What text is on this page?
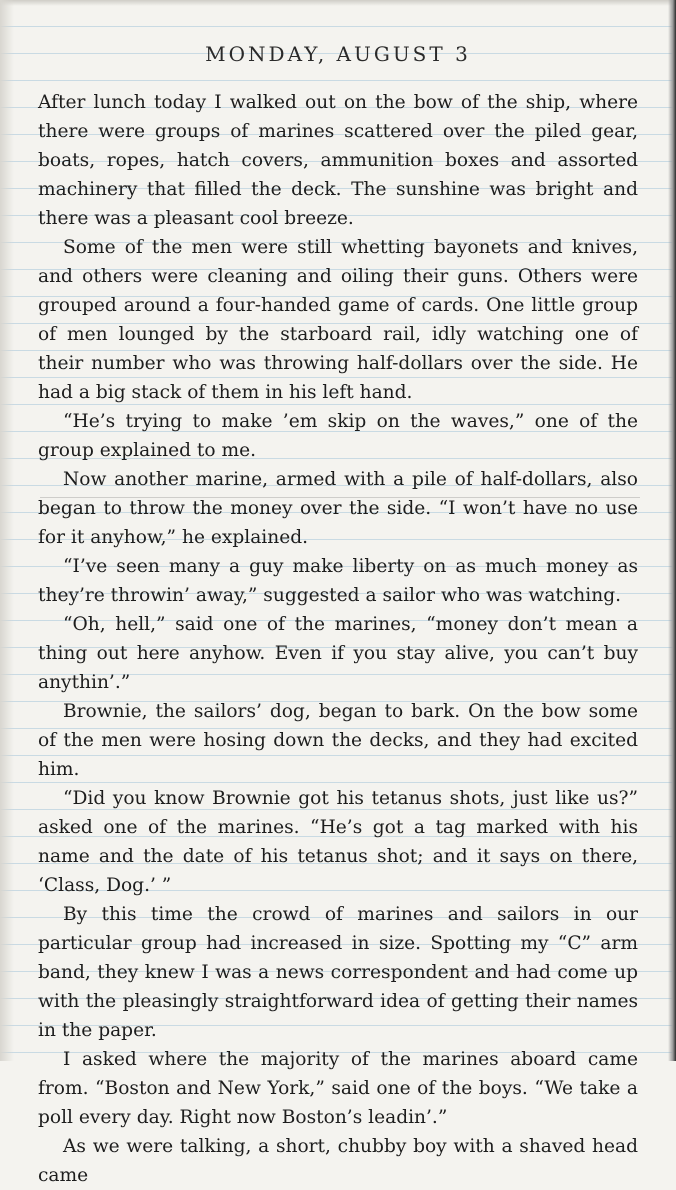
MONDAY, AUGUST 3

After lunch today I walked out on the bow of the ship, where there were groups of marines scattered over the piled gear, boats, ropes, hatch covers, ammunition boxes and assorted machinery that filled the deck. The sunshine was bright and there was a pleasant cool breeze.

Some of the men were still whetting bayonets and knives, and others were cleaning and oiling their guns. Others were grouped around a four-handed game of cards. One little group of men lounged by the starboard rail, idly watching one of their number who was throwing half-dollars over the side. He had a big stack of them in his left hand.

“He’s trying to make ’em skip on the waves,” one of the group explained to me.

Now another marine, armed with a pile of half-dollars, also began to throw the money over the side. “I won’t have no use for it anyhow,” he explained.

“I’ve seen many a guy make liberty on as much money as they’re throwin’ away,” suggested a sailor who was watching.

“Oh, hell,” said one of the marines, “money don’t mean a thing out here anyhow. Even if you stay alive, you can’t buy anythin’.”

Brownie, the sailors’ dog, began to bark. On the bow some of the men were hosing down the decks, and they had excited him.

“Did you know Brownie got his tetanus shots, just like us?” asked one of the marines. “He’s got a tag marked with his name and the date of his tetanus shot; and it says on there, ‘Class, Dog.’ ”

By this time the crowd of marines and sailors in our particular group had increased in size. Spotting my “C” arm band, they knew I was a news correspondent and had come up with the pleasingly straightforward idea of getting their names in the paper.

I asked where the majority of the marines aboard came from. “Boston and New York,” said one of the boys. “We take a poll every day. Right now Boston’s leadin’.”

As we were talking, a short, chubby boy with a shaved head came
